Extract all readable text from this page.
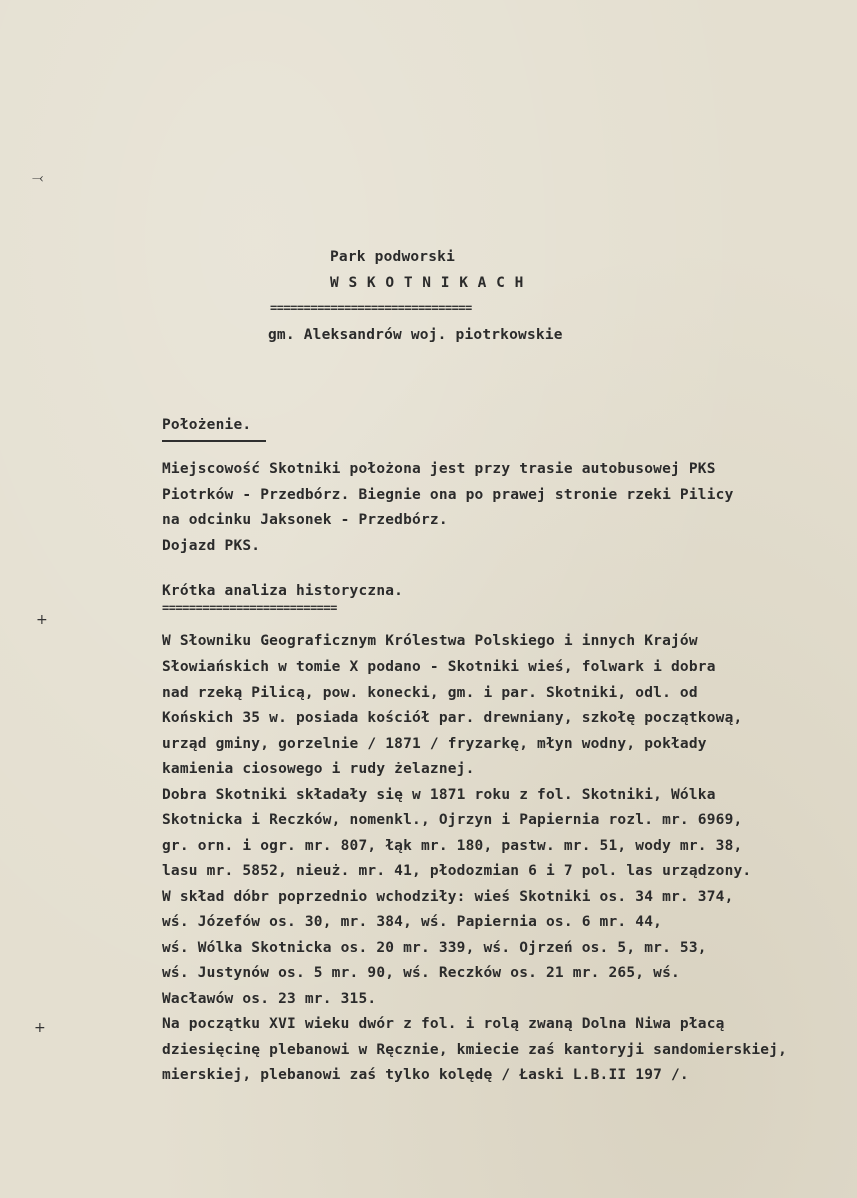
⤙
+
+
Park podworski
W S K O T N I K A C H
==============================
gm. Aleksandrów woj. piotrkowskie
Położenie.
Miejscowość Skotniki położona jest przy trasie autobusowej PKS
Piotrków - Przedbórz. Biegnie ona po prawej stronie rzeki Pilicy
na odcinku Jaksonek - Przedbórz.
Dojazd PKS.
Krótka analiza historyczna.
==========================
W Słowniku Geograficznym Królestwa Polskiego i innych Krajów
Słowiańskich w tomie X podano - Skotniki wieś, folwark i dobra
nad rzeką Pilicą, pow. konecki, gm. i par. Skotniki, odl. od
Końskich 35 w. posiada kościół par. drewniany, szkołę początkową,
urząd gminy, gorzelnie / 1871 / fryzarkę, młyn wodny, pokłady
kamienia ciosowego i rudy żelaznej.
Dobra Skotniki składały się w 1871 roku z fol. Skotniki, Wólka
Skotnicka i Reczków, nomenkl., Ojrzyn i Papiernia rozl. mr. 6969,
gr. orn. i ogr. mr. 807, łąk mr. 180, pastw. mr. 51, wody mr. 38,
lasu mr. 5852, nieuż. mr. 41, płodozmian 6 i 7 pol. las urządzony.
W skład dóbr poprzednio wchodziły: wieś Skotniki os. 34 mr. 374,
wś. Józefów os. 30, mr. 384, wś. Papiernia os. 6 mr. 44,
wś. Wólka Skotnicka os. 20 mr. 339, wś. Ojrzeń os. 5, mr. 53,
wś. Justynów os. 5 mr. 90, wś. Reczków os. 21 mr. 265, wś.
Wacławów os. 23 mr. 315.
Na początku XVI wieku dwór z fol. i rolą zwaną Dolna Niwa płacą
dziesięcinę plebanowi w Ręcznie, kmiecie zaś kantoryji sandomierskiej,
mierskiej, plebanowi zaś tylko kolędę / Łaski L.B.II 197 /.
